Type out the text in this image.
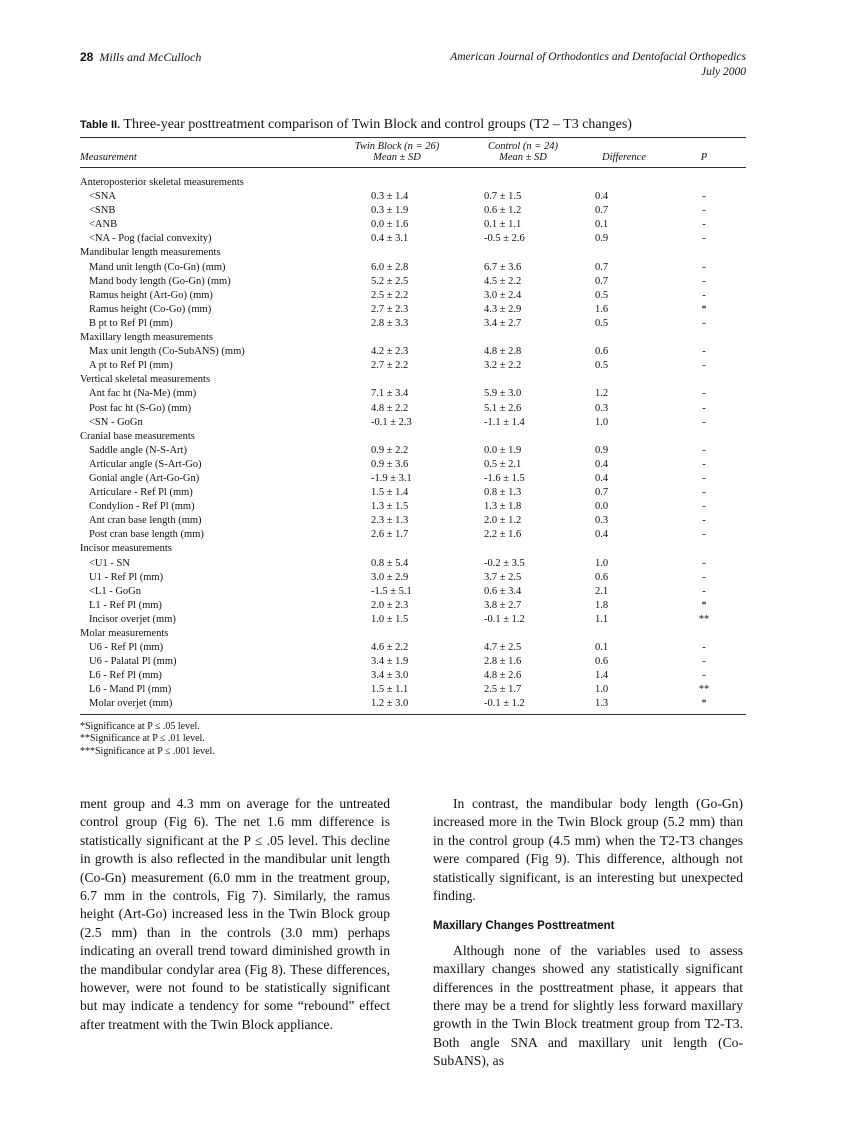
28 Mills and McCulloch	American Journal of Orthodontics and Dentofacial Orthopedics
July 2000
Table II. Three-year posttreatment comparison of Twin Block and control groups (T2 – T3 changes)
	Twin Block (n = 26)	Control (n = 24)		
Measurement	Mean ± SD	Mean ± SD	Difference	P
Anteroposterior skeletal measurements				
<SNA	0.3 ± 1.4	0.7 ± 1.5	0.4	-
<SNB	0.3 ± 1.9	0.6 ± 1.2	0.7	-
<ANB	0.0 ± 1.6	0.1 ± 1.1	0.1	-
<NA - Pog (facial convexity)	0.4 ± 3.1	-0.5 ± 2.6	0.9	-
Mandibular length measurements				
Mand unit length (Co-Gn) (mm)	6.0 ± 2.8	6.7 ± 3.6	0.7	-
Mand body length (Go-Gn) (mm)	5.2 ± 2.5	4.5 ± 2.2	0.7	-
Ramus height (Art-Go) (mm)	2.5 ± 2.2	3.0 ± 2.4	0.5	-
Ramus height (Co-Go) (mm)	2.7 ± 2.3	4.3 ± 2.9	1.6	*
B pt to Ref Pl (mm)	2.8 ± 3.3	3.4 ± 2.7	0.5	-
Maxillary length measurements				
Max unit length (Co-SubANS) (mm)	4.2 ± 2.3	4.8 ± 2.8	0.6	-
A pt to Ref Pl (mm)	2.7 ± 2.2	3.2 ± 2.2	0.5	-
Vertical skeletal measurements				
Ant fac ht (Na-Me) (mm)	7.1 ± 3.4	5.9 ± 3.0	1.2	-
Post fac ht (S-Go) (mm)	4.8 ± 2.2	5.1 ± 2.6	0.3	-
<SN - GoGn	-0.1 ± 2.3	-1.1 ± 1.4	1.0	-
Cranial base measurements				
Saddle angle (N-S-Art)	0.9 ± 2.2	0.0 ± 1.9	0.9	-
Articular angle (S-Art-Go)	0.9 ± 3.6	0.5 ± 2.1	0.4	-
Gonial angle (Art-Go-Gn)	-1.9 ± 3.1	-1.6 ± 1.5	0.4	-
Articulare - Ref Pl (mm)	1.5 ± 1.4	0.8 ± 1.3	0.7	-
Condylion - Ref Pl (mm)	1.3 ± 1.5	1.3 ± 1.8	0.0	-
Ant cran base length (mm)	2.3 ± 1.3	2.0 ± 1.2	0.3	-
Post cran base length (mm)	2.6 ± 1.7	2.2 ± 1.6	0.4	-
Incisor measurements				
<U1 - SN	0.8 ± 5.4	-0.2 ± 3.5	1.0	-
U1 - Ref Pl (mm)	3.0 ± 2.9	3.7 ± 2.5	0.6	-
<L1 - GoGn	-1.5 ± 5.1	0.6 ± 3.4	2.1	-
L1 - Ref Pl (mm)	2.0 ± 2.3	3.8 ± 2.7	1.8	*
Incisor overjet (mm)	1.0 ± 1.5	-0.1 ± 1.2	1.1	**
Molar measurements				
U6 - Ref Pl (mm)	4.6 ± 2.2	4.7 ± 2.5	0.1	-
U6 - Palatal Pl (mm)	3.4 ± 1.9	2.8 ± 1.6	0.6	-
L6 - Ref Pl (mm)	3.4 ± 3.0	4.8 ± 2.6	1.4	-
L6 - Mand Pl (mm)	1.5 ± 1.1	2.5 ± 1.7	1.0	**
Molar overjet (mm)	1.2 ± 3.0	-0.1 ± 1.2	1.3	*
*Significance at P ≤ .05 level.
**Significance at P ≤ .01 level.
***Significance at P ≤ .001 level.

ment group and 4.3 mm on average for the untreated control group (Fig 6). The net 1.6 mm difference is statistically significant at the P ≤ .05 level. This decline in growth is also reflected in the mandibular unit length (Co-Gn) measurement (6.0 mm in the treatment group, 6.7 mm in the controls, Fig 7). Similarly, the ramus height (Art-Go) increased less in the Twin Block group (2.5 mm) than in the controls (3.0 mm) perhaps indicating an overall trend toward diminished growth in the mandibular condylar area (Fig 8). These differences, however, were not found to be statistically significant but may indicate a tendency for some “rebound” effect after treatment with the Twin Block appliance.

In contrast, the mandibular body length (Go-Gn) increased more in the Twin Block group (5.2 mm) than in the control group (4.5 mm) when the T2-T3 changes were compared (Fig 9). This difference, although not statistically significant, is an interesting but unexpected finding.

Maxillary Changes Posttreatment

Although none of the variables used to assess maxillary changes showed any statistically significant differences in the posttreatment phase, it appears that there may be a trend for slightly less forward maxillary growth in the Twin Block treatment group from T2-T3. Both angle SNA and maxillary unit length (Co-SubANS), as
